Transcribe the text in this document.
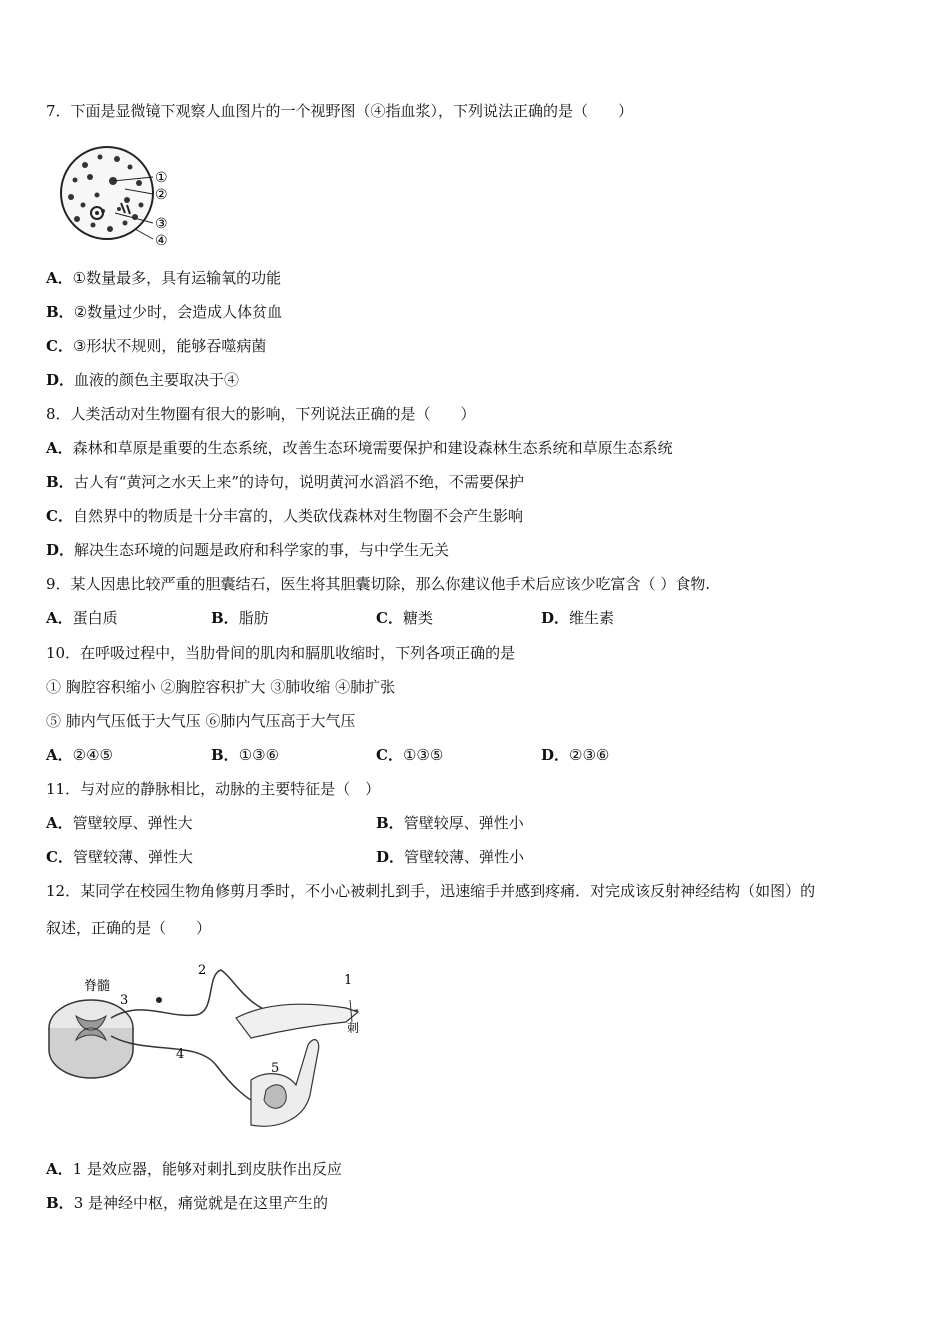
7．下面是显微镜下观察人血图片的一个视野图（④指血浆），下列说法正确的是（　　）
①
②
③
④
A．①数量最多，具有运输氧的功能
B．②数量过少时，会造成人体贫血
C．③形状不规则，能够吞噬病菌
D．血液的颜色主要取决于④
8．人类活动对生物圈有很大的影响，下列说法正确的是（　　）
A．森林和草原是重要的生态系统，改善生态环境需要保护和建设森林生态系统和草原生态系统
B．古人有“黄河之水天上来”的诗句，说明黄河水滔滔不绝，不需要保护
C．自然界中的物质是十分丰富的，人类砍伐森林对生物圈不会产生影响
D．解决生态环境的问题是政府和科学家的事，与中学生无关
9．某人因患比较严重的胆囊结石，医生将其胆囊切除，那么你建议他手术后应该少吃富含（ ）食物.
A．蛋白质	B．脂肪	C．糖类	D．维生素
10．在呼吸过程中，当肋骨间的肌肉和膈肌收缩时，下列各项正确的是
① 胸腔容积缩小 ②胸腔容积扩大 ③肺收缩 ④肺扩张
⑤ 肺内气压低于大气压 ⑥肺内气压高于大气压
A．②④⑤	B．①③⑥	C．①③⑤	D．②③⑥
11．与对应的静脉相比，动脉的主要特征是（　）
A．管壁较厚、弹性大	B．管壁较厚、弹性小
C．管壁较薄、弹性大	D．管壁较薄、弹性小
12．某同学在校园生物角修剪月季时，不小心被刺扎到手，迅速缩手并感到疼痛．对完成该反射神经结构（如图）的
叙述，正确的是（　　）
脊髓
3
2
4
5
1
刺
A．1 是效应器，能够对刺扎到皮肤作出反应
B．3 是神经中枢，痛觉就是在这里产生的
